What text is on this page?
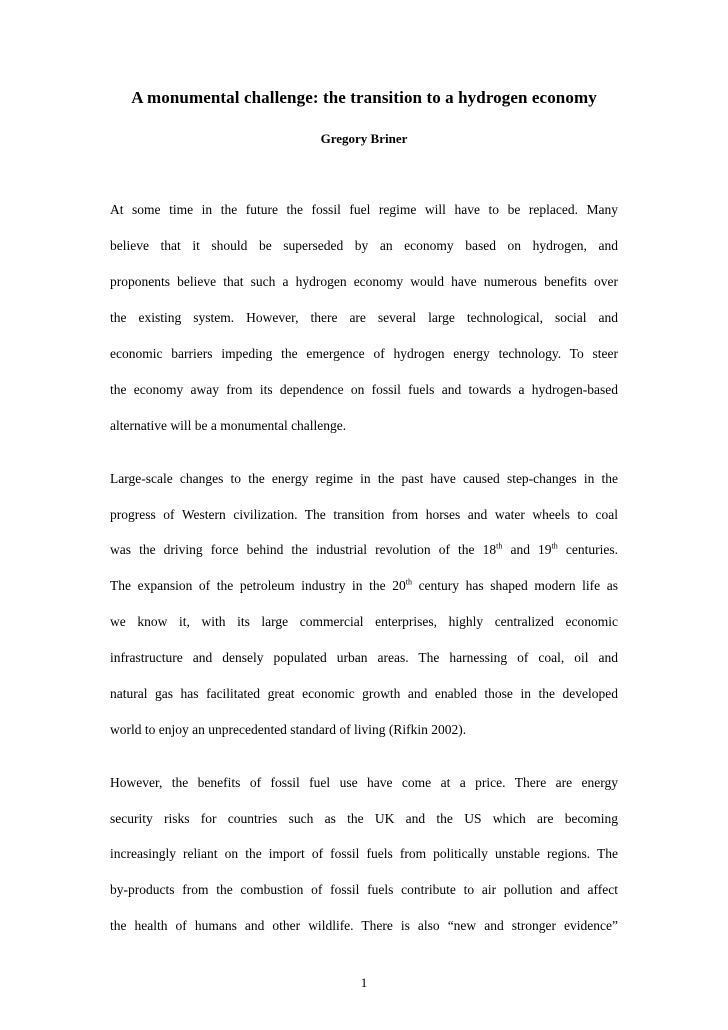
A monumental challenge: the transition to a hydrogen economy
Gregory Briner
At some time in the future the fossil fuel regime will have to be replaced. Many
believe that it should be superseded by an economy based on hydrogen, and
proponents believe that such a hydrogen economy would have numerous benefits over
the existing system. However, there are several large technological, social and
economic barriers impeding the emergence of hydrogen energy technology. To steer
the economy away from its dependence on fossil fuels and towards a hydrogen-based
alternative will be a monumental challenge.
Large-scale changes to the energy regime in the past have caused step-changes in the
progress of Western civilization. The transition from horses and water wheels to coal
was the driving force behind the industrial revolution of the 18th and 19th centuries.
The expansion of the petroleum industry in the 20th century has shaped modern life as
we know it, with its large commercial enterprises, highly centralized economic
infrastructure and densely populated urban areas. The harnessing of coal, oil and
natural gas has facilitated great economic growth and enabled those in the developed
world to enjoy an unprecedented standard of living (Rifkin 2002).
However, the benefits of fossil fuel use have come at a price. There are energy
security risks for countries such as the UK and the US which are becoming
increasingly reliant on the import of fossil fuels from politically unstable regions. The
by-products from the combustion of fossil fuels contribute to air pollution and affect
the health of humans and other wildlife. There is also “new and stronger evidence”
1
